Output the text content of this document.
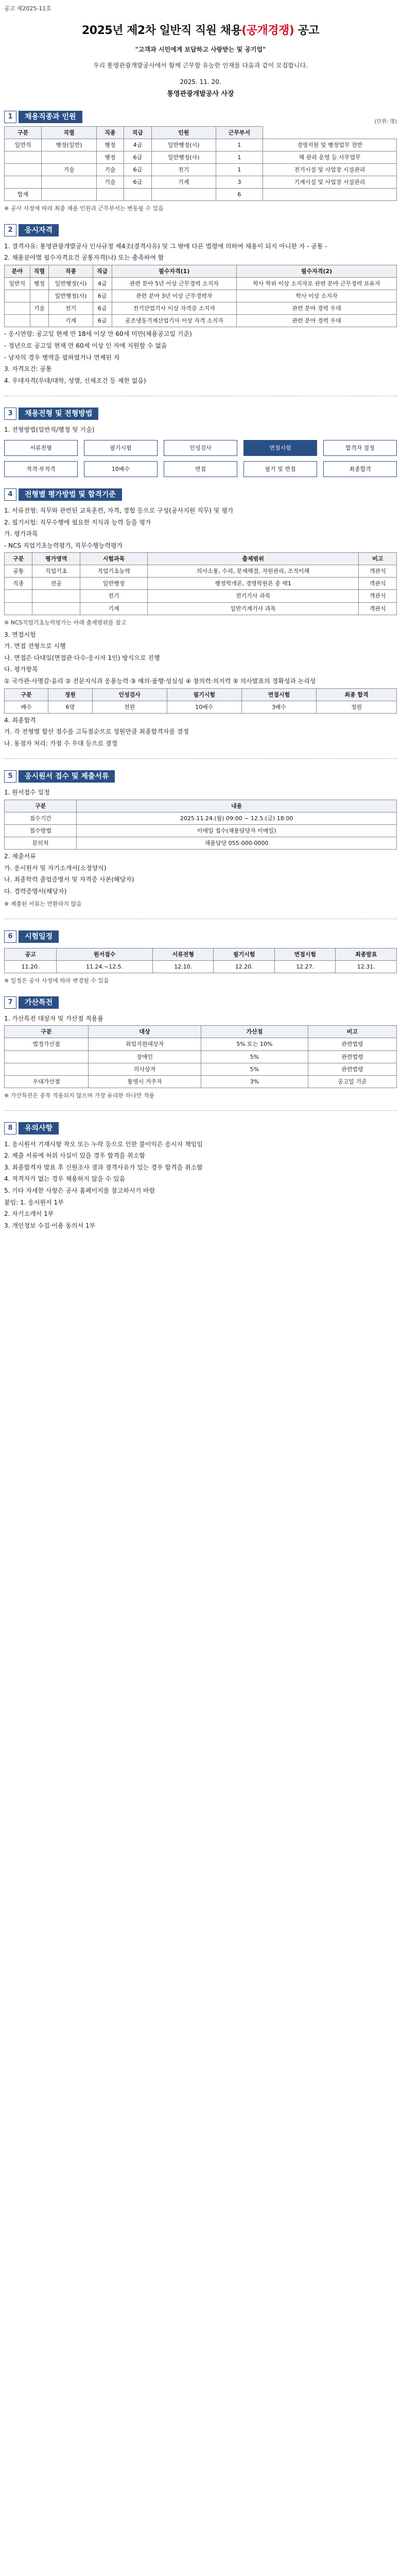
공고 제2025-11호
2025년 제2차 일반직 직원 채용(공개경쟁) 공고
"고객과 시민에게 보답하고 사랑받는 및 공기업"
우리 통영관광개발공사에서 함께 근무할 유능한 인재를 다음과 같이 모집합니다.
2025. 11. 20.
통영관광개발공사 사장
1	채용직종과 인원
(단위: 명)
구분	직렬	직종	직급	인원	근무부서	
일반직	행정(일반)	행정	4급	일반행정(시)	1	경영지원 및 행정업무 전반
		행정	6급	일반행정(사)	1	해 관리 운영 등 사무업무
	기술	기술	6급	전기	1	전기시설 및 사업장 시설관리
		기술	6급	기계	3	기계시설 및 사업장 시설관리
합계					6	
※ 공사 사정에 따라 최종 채용 인원과 근무부서는 변동될 수 있음
2	응시자격

1. 결격사유: 통영관광개발공사 인사규정 제4조(결격사유) 및 그 밖에 다른 법령에 의하여 채용이 되지 아니한 자 - 공통 -

2. 채용분야별 필수자격요건 공통자격(나) 또는 충족하여 함

분야	직렬	직종	직급	필수자격(1)	필수자격(2)
일반직	행정	일반행정(시)	4급	관련 분야 5년 이상 근무경력 소지자	학사 학위 이상 소지자로 관련 분야 근무경력 보유자
		일반행정(사)	6급	관련 분야 3년 이상 근무경력자	학사 이상 소지자
	기술	전기	6급	전기산업기사 이상 자격증 소지자	관련 분야 경력 우대
		기계	6급	공조냉동기계산업기사 이상 자격 소지자	관련 분야 경력 우대

- 응시연령: 공고일 현재 만 18세 이상 만 60세 미만(채용공고일 기준)

- 정년으로 공고일 현재 만 60세 이상 인 자에 지원할 수 없음

- 남자의 경우 병역을 필하였거나 면제된 자

3. 자격요건: 공통

4. 우대자격(우대/대학, 성별, 신체조건 등 제한 없음)

3	채용전형 및 전형방법

1. 전형방법(일반직/행정 및 기술)

서류전형	필기시험	인성검사	면접시험	합격자 결정
적격·부적격	10배수	면접	필기 및 면접	최종합격
4	전형별 평가방법 및 합격기준

1. 서류전형: 직무와 관련된 교육훈련, 자격, 경험 등으로 구성(공사지원 직무) 및 평가

2. 필기시험: 직무수행에 필요한 지식과 능력 등을 평가

가. 평가과목

- NCS 직업기초능력평가, 직무수행능력평가

구분	평가영역	시험과목	출제범위	비고
공통	직업기초	직업기초능력	의사소통, 수리, 문제해결, 자원관리, 조직이해	객관식
직종	전공	일반행정	행정학개론, 경영학원론 중 택1	객관식
		전기	전기기사 과목	객관식
		기계	일반기계기사 과목	객관식
※ NCS직업기초능력평가는 아래 출제범위를 참고

3. 면접시험

가. 면접 전형으로 시행

나. 면접은 다대일(면접관 다수·응시자 1인) 방식으로 진행

다. 평가항목

① 국가관·사명감·윤리 ② 전문지식과 응용능력 ③ 예의·품행·성실성 ④ 창의력·의지력 ⑤ 의사발표의 정확성과 논리성

구분	정원	인성검사	필기시험	면접시험	최종 합격
배수	6명	전원	10배수	3배수	정원

4. 최종합격

가. 각 전형별 합산 점수를 고득점순으로 정원만큼 최종합격자를 결정

나. 동점자 처리: 가점 수 우대 등으로 결정

5	응시원서 접수 및 제출서류

1. 원서접수 일정

구분	내용
접수기간	2025.11.24.(월) 09:00 ~ 12.5.(금) 18:00
접수방법	이메일 접수(채용담당자 이메일)
문의처	채용담당 055-000-0000

2. 제출서류

가. 응시원서 및 자기소개서(소정양식)

나. 최종학력 졸업증명서 및 자격증 사본(해당자)

다. 경력증명서(해당자)

※ 제출된 서류는 반환하지 않음
6	시험일정
공고	원서접수	서류전형	필기시험	면접시험	최종발표
11.20.	11.24.~12.5.	12.10.	12.20.	12.27.	12.31.
※ 일정은 공사 사정에 따라 변경될 수 있음
7	가산특전

1. 가산특전 대상자 및 가산점 적용률

구분	대상	가산점	비고
법정가산점	취업지원대상자	5% 또는 10%	관련법령
	장애인	5%	관련법령
	의사상자	5%	관련법령
우대가산점	통영시 거주자	3%	공고일 기준
※ 가산특전은 중복 적용되지 않으며 가장 유리한 하나만 적용
8	유의사항

1. 응시원서 기재사항 착오 또는 누락 등으로 인한 불이익은 응시자 책임임

2. 제출 서류에 허위 사실이 있을 경우 합격을 취소함

3. 최종합격자 발표 후 신원조사 결과 결격사유가 있는 경우 합격을 취소함

4. 적격자가 없는 경우 채용하지 않을 수 있음

5. 기타 자세한 사항은 공사 홈페이지를 참고하시기 바람

붙임: 1. 응시원서 1부

2. 자기소개서 1부

3. 개인정보 수집·이용 동의서 1부
